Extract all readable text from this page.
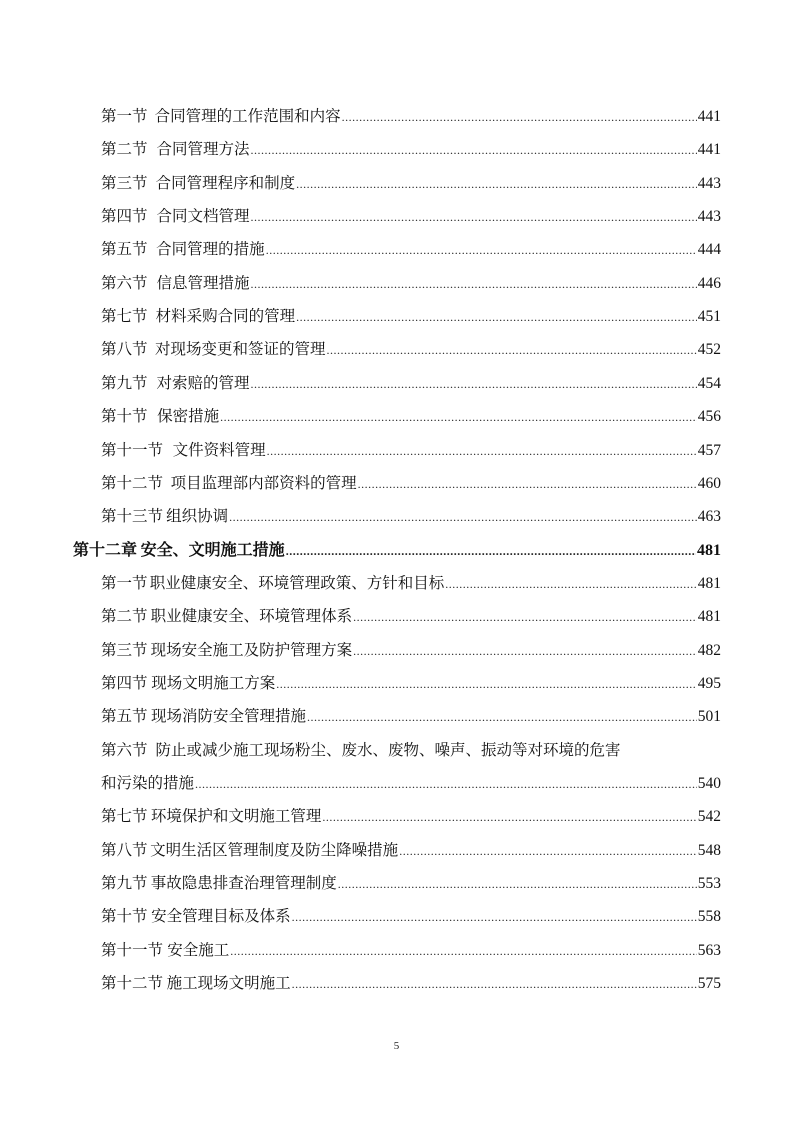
第一节 合同管理的工作范围和内容 .....	441
第二节 合同管理方法 .....	441
第三节 合同管理程序和制度 .....	443
第四节 合同文档管理 .....	443
第五节 合同管理的措施 .....	444
第六节 信息管理措施 .....	446
第七节 材料采购合同的管理 .....	451
第八节 对现场变更和签证的管理 .....	452
第九节 对索赔的管理 .....	454
第十节 保密措施 .....	456
第十一节 文件资料管理 .....	457
第十二节 项目监理部内部资料的管理 .....	460
第十三节 组织协调 .....	463
第十二章 安全、文明施工措施 .....	481
第一节 职业健康安全、环境管理政策、方针和目标 .....	481
第二节 职业健康安全、环境管理体系 .....	481
第三节 现场安全施工及防护管理方案 .....	482
第四节 现场文明施工方案 .....	495
第五节 现场消防安全管理措施 .....	501
第六节 防止或减少施工现场粉尘、废水、废物、噪声、振动等对环境的危害
和污染的措施 .....	540
第七节 环境保护和文明施工管理 .....	542
第八节 文明生活区管理制度及防尘降噪措施 .....	548
第九节 事故隐患排查治理管理制度 .....	553
第十节 安全管理目标及体系 .....	558
第十一节 安全施工 .....	563
第十二节 施工现场文明施工 .....	575
5
